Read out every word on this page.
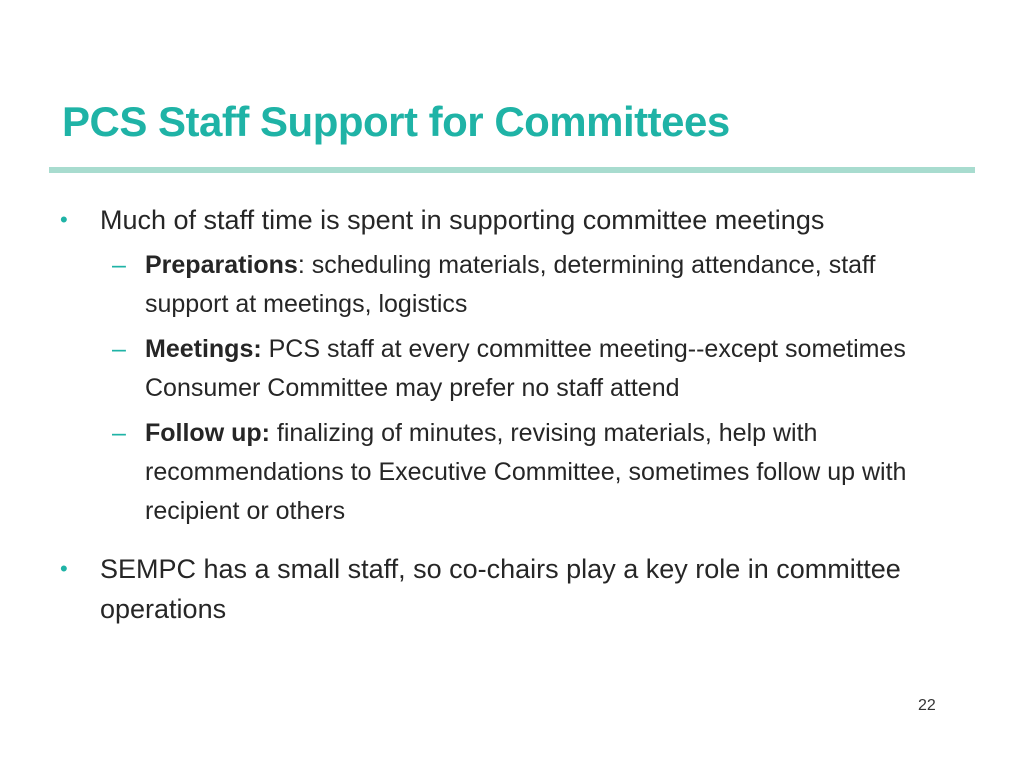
PCS Staff Support for Committees
• Much of staff time is spent in supporting committee meetings
– Preparations: scheduling materials, determining attendance, staff support at meetings, logistics
– Meetings: PCS staff at every committee meeting--except sometimes Consumer Committee may prefer no staff attend
– Follow up: finalizing of minutes, revising materials, help with recommendations to Executive Committee, sometimes follow up with recipient or others
• SEMPC has a small staff, so co-chairs play a key role in committee operations
22
